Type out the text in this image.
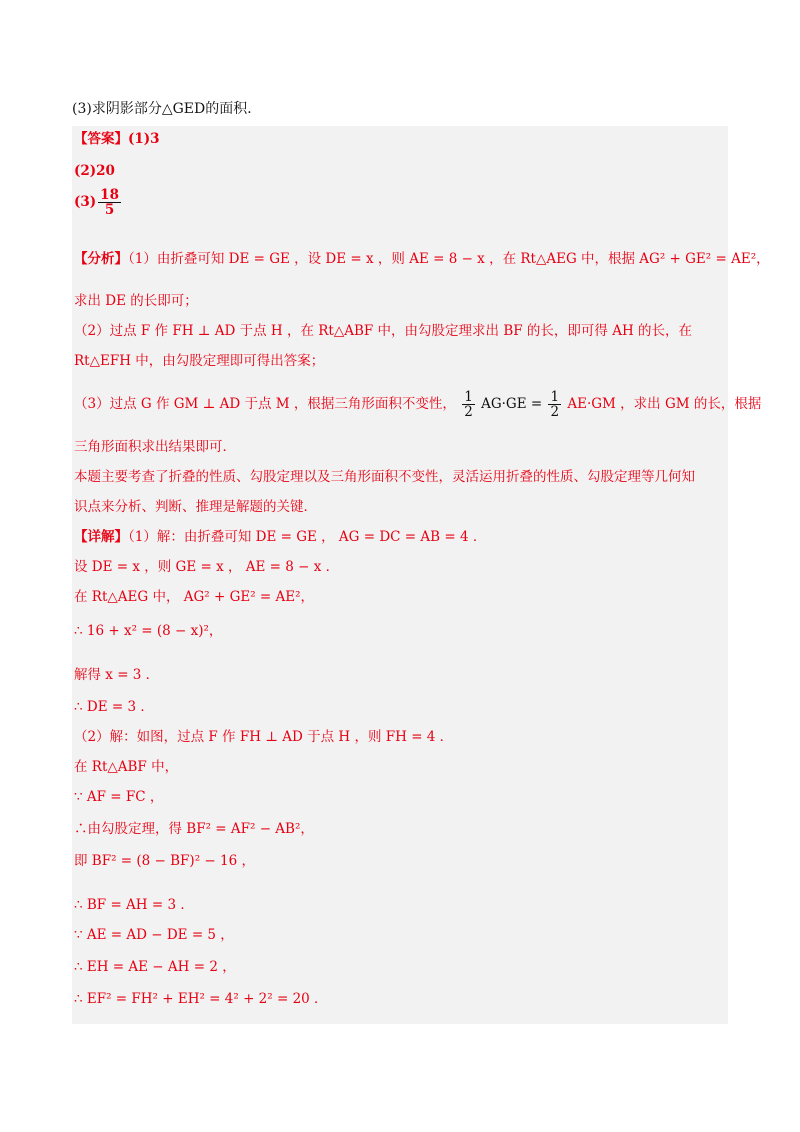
(3)求阴影部分△GED的面积．
【答案】(1)3
(2)20
$(3) \frac{18}{5}$
【分析】（1）由折叠可知 DE = GE ，设 DE = x ，则 AE = 8 − x ，在 Rt△AEG 中，根据 AG² + GE² = AE²，
求出 DE 的长即可；
（2）过点 F 作 FH ⊥ AD 于点 H ，在 Rt△ABF 中，由勾股定理求出 BF 的长，即可得 AH 的长，在
Rt△EFH 中，由勾股定理即可得出答案；
（3）过点 G 作 GM ⊥ AD 于点 M ，根据三角形面积不变性， $\frac{1}{2} AG\cdot GE = \frac{1}{2} AE\cdot GM$ ，求出 GM 的长，根据
三角形面积求出结果即可．
本题主要考查了折叠的性质、勾股定理以及三角形面积不变性，灵活运用折叠的性质、勾股定理等几何知
识点来分析、判断、推理是解题的关键．
【详解】（1）解：由折叠可知 DE = GE ， AG = DC = AB = 4 ．
设 DE = x ，则 GE = x ， AE = 8 − x ．
在 Rt△AEG 中， AG² + GE² = AE²，
∴ 16 + x² = (8 − x)²，
解得 x = 3 ．
∴ DE = 3 ．
（2）解：如图，过点 F 作 FH ⊥ AD 于点 H ，则 FH = 4 ．
在 Rt△ABF 中，
∵ AF = FC ，
∴由勾股定理，得 BF² = AF² − AB²，
即 BF² = (8 − BF)² − 16 ，
∴ BF = AH = 3 ．
∵ AE = AD − DE = 5 ，
∴ EH = AE − AH = 2 ，
∴ EF² = FH² + EH² = 4² + 2² = 20 ．
